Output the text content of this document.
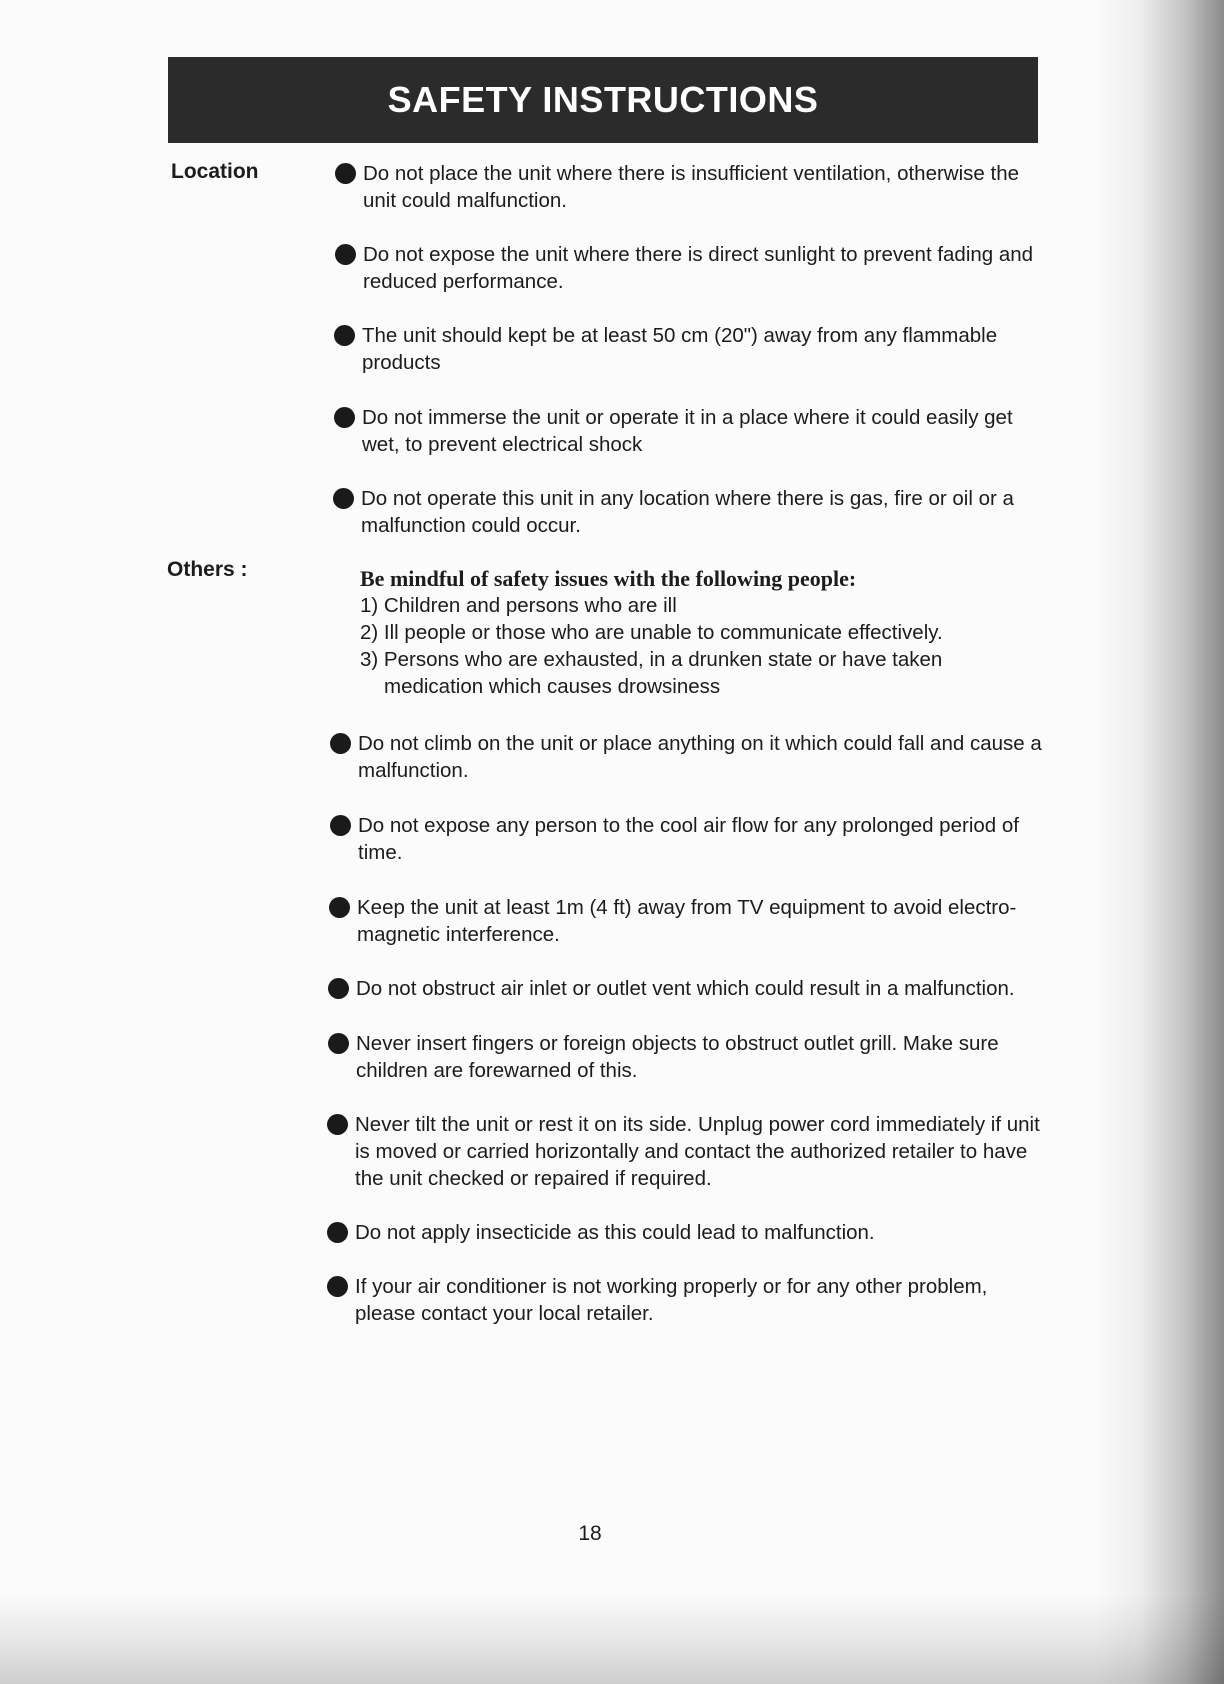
SAFETY INSTRUCTIONS
Location	Do not place the unit where there is insufficient ventilation, otherwise the unit could malfunction.
Do not expose the unit where there is direct sunlight to prevent fading and reduced performance.
The unit should kept be at least 50 cm (20") away from any flammable products
Do not immerse the unit or operate it in a place where it could easily get wet, to prevent electrical shock
Do not operate this unit in any location where there is gas, fire or oil or a malfunction could occur.
Others :	Be mindful of safety issues with the following people:
1) Children and persons who are ill
2) Ill people or those who are unable to communicate effectively.
3) Persons who are exhausted, in a drunken state or have taken medication which causes drowsiness
Do not climb on the unit or place anything on it which could fall and cause a malfunction.
Do not expose any person to the cool air flow for any prolonged period of time.
Keep the unit at least 1m (4 ft) away from TV equipment to avoid electro-magnetic interference.
Do not obstruct air inlet or outlet vent which could result in a malfunction.
Never insert fingers or foreign objects to obstruct outlet grill. Make sure children are forewarned of this.
Never tilt the unit or rest it on its side. Unplug power cord immediately if unit is moved or carried horizontally and contact the authorized retailer to have the unit checked or repaired if required.
Do not apply insecticide as this could lead to malfunction.
If your air conditioner is not working properly or for any other problem, please contact your local retailer.
18
